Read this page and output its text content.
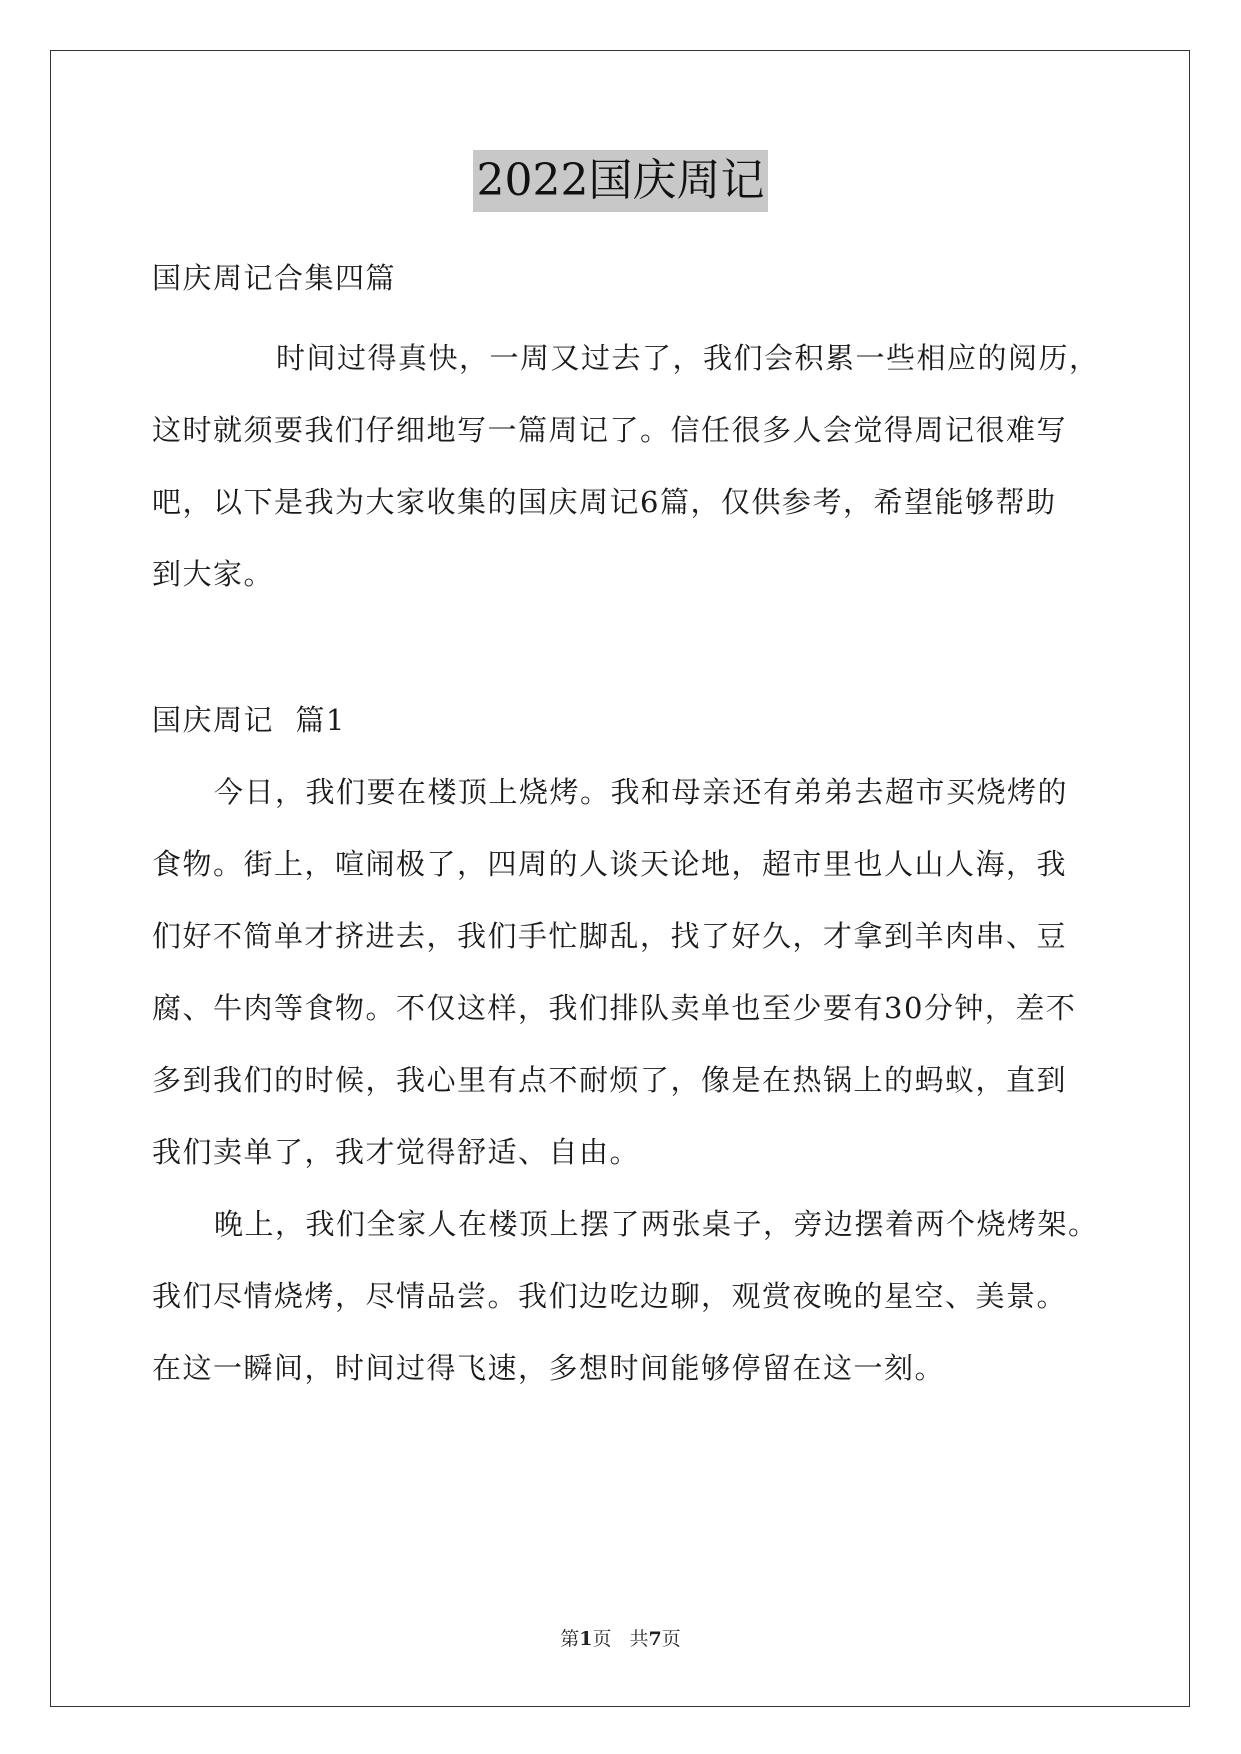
2022国庆周记
国庆周记合集四篇
时间过得真快，一周又过去了，我们会积累一些相应的阅历，
这时就须要我们仔细地写一篇周记了。信任很多人会觉得周记很难写
吧，以下是我为大家收集的国庆周记6篇，仅供参考，希望能够帮助
到大家。
国庆周记  篇1
今日，我们要在楼顶上烧烤。我和母亲还有弟弟去超市买烧烤的
食物。街上，喧闹极了，四周的人谈天论地，超市里也人山人海，我
们好不简单才挤进去，我们手忙脚乱，找了好久，才拿到羊肉串、豆
腐、牛肉等食物。不仅这样，我们排队卖单也至少要有30分钟，差不
多到我们的时候，我心里有点不耐烦了，像是在热锅上的蚂蚁，直到
我们卖单了，我才觉得舒适、自由。
晚上，我们全家人在楼顶上摆了两张桌子，旁边摆着两个烧烤架。
我们尽情烧烤，尽情品尝。我们边吃边聊，观赏夜晚的星空、美景。
在这一瞬间，时间过得飞速，多想时间能够停留在这一刻。
第1页 共7页
